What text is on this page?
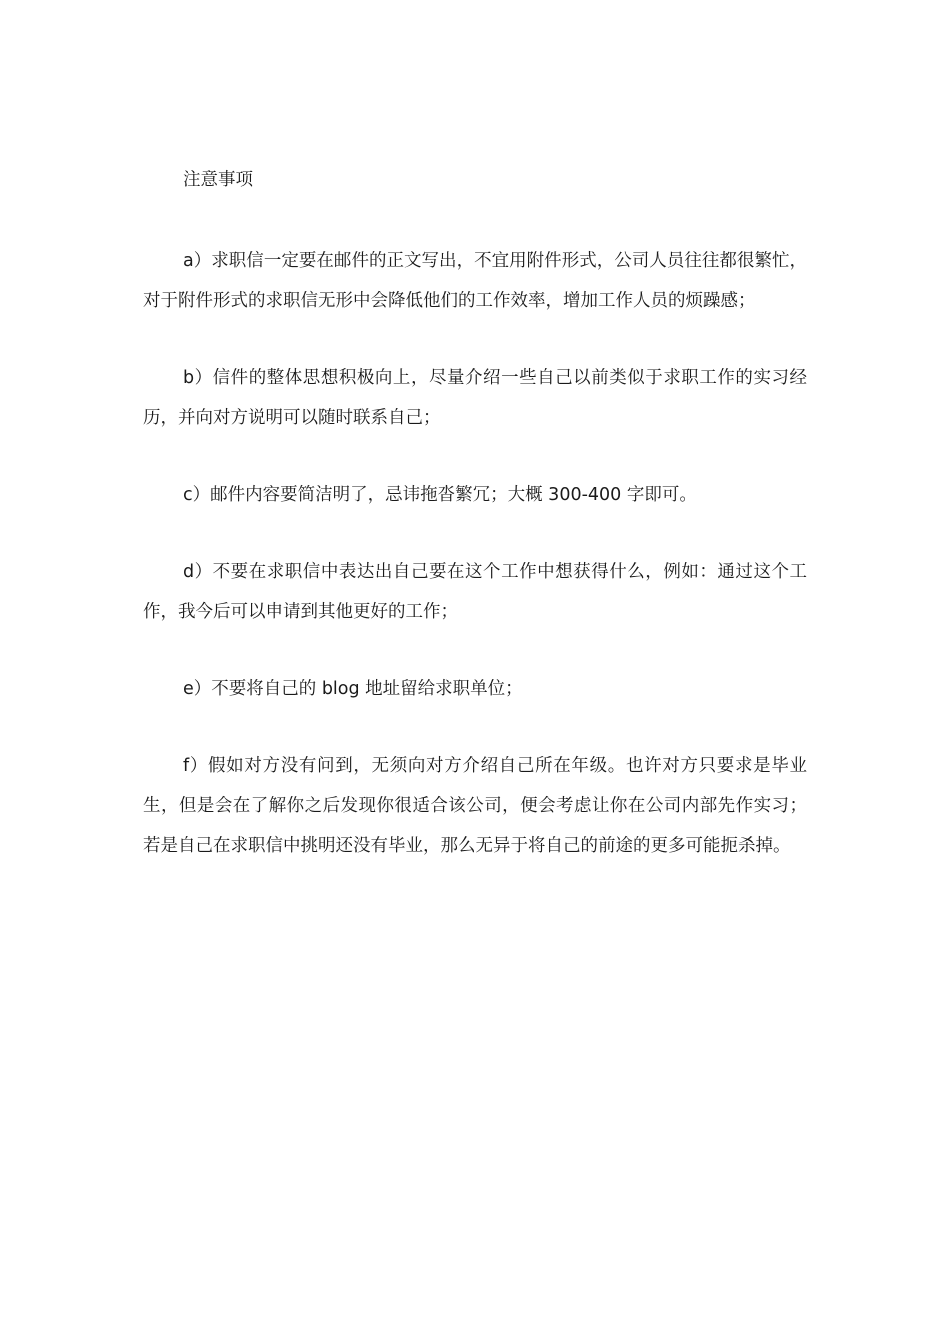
注意事项

a）求职信一定要在邮件的正文写出，不宜用附件形式，公司人员往往都很繁忙，对于附件形式的求职信无形中会降低他们的工作效率，增加工作人员的烦躁感；

b）信件的整体思想积极向上，尽量介绍一些自己以前类似于求职工作的实习经历，并向对方说明可以随时联系自己；

c）邮件内容要简洁明了，忌讳拖沓繁冗；大概 300-400 字即可。

d）不要在求职信中表达出自己要在这个工作中想获得什么，例如：通过这个工作，我今后可以申请到其他更好的工作；

e）不要将自己的 blog 地址留给求职单位；

f）假如对方没有问到，无须向对方介绍自己所在年级。也许对方只要求是毕业生，但是会在了解你之后发现你很适合该公司，便会考虑让你在公司内部先作实习；若是自己在求职信中挑明还没有毕业，那么无异于将自己的前途的更多可能扼杀掉。
